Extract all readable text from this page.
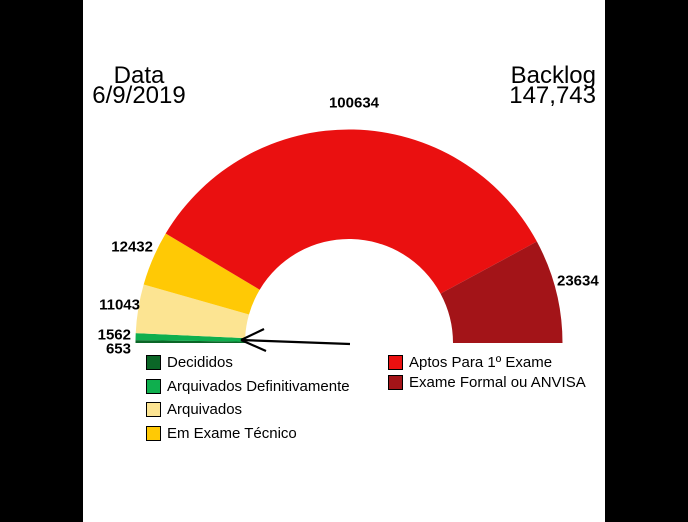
Data
6/9/2019
Backlog
147,743
100634
23634
12432
11043
1562
653
Decididos
Arquivados Definitivamente
Arquivados
Em Exame Técnico
Aptos Para 1º Exame
Exame Formal ou ANVISA
